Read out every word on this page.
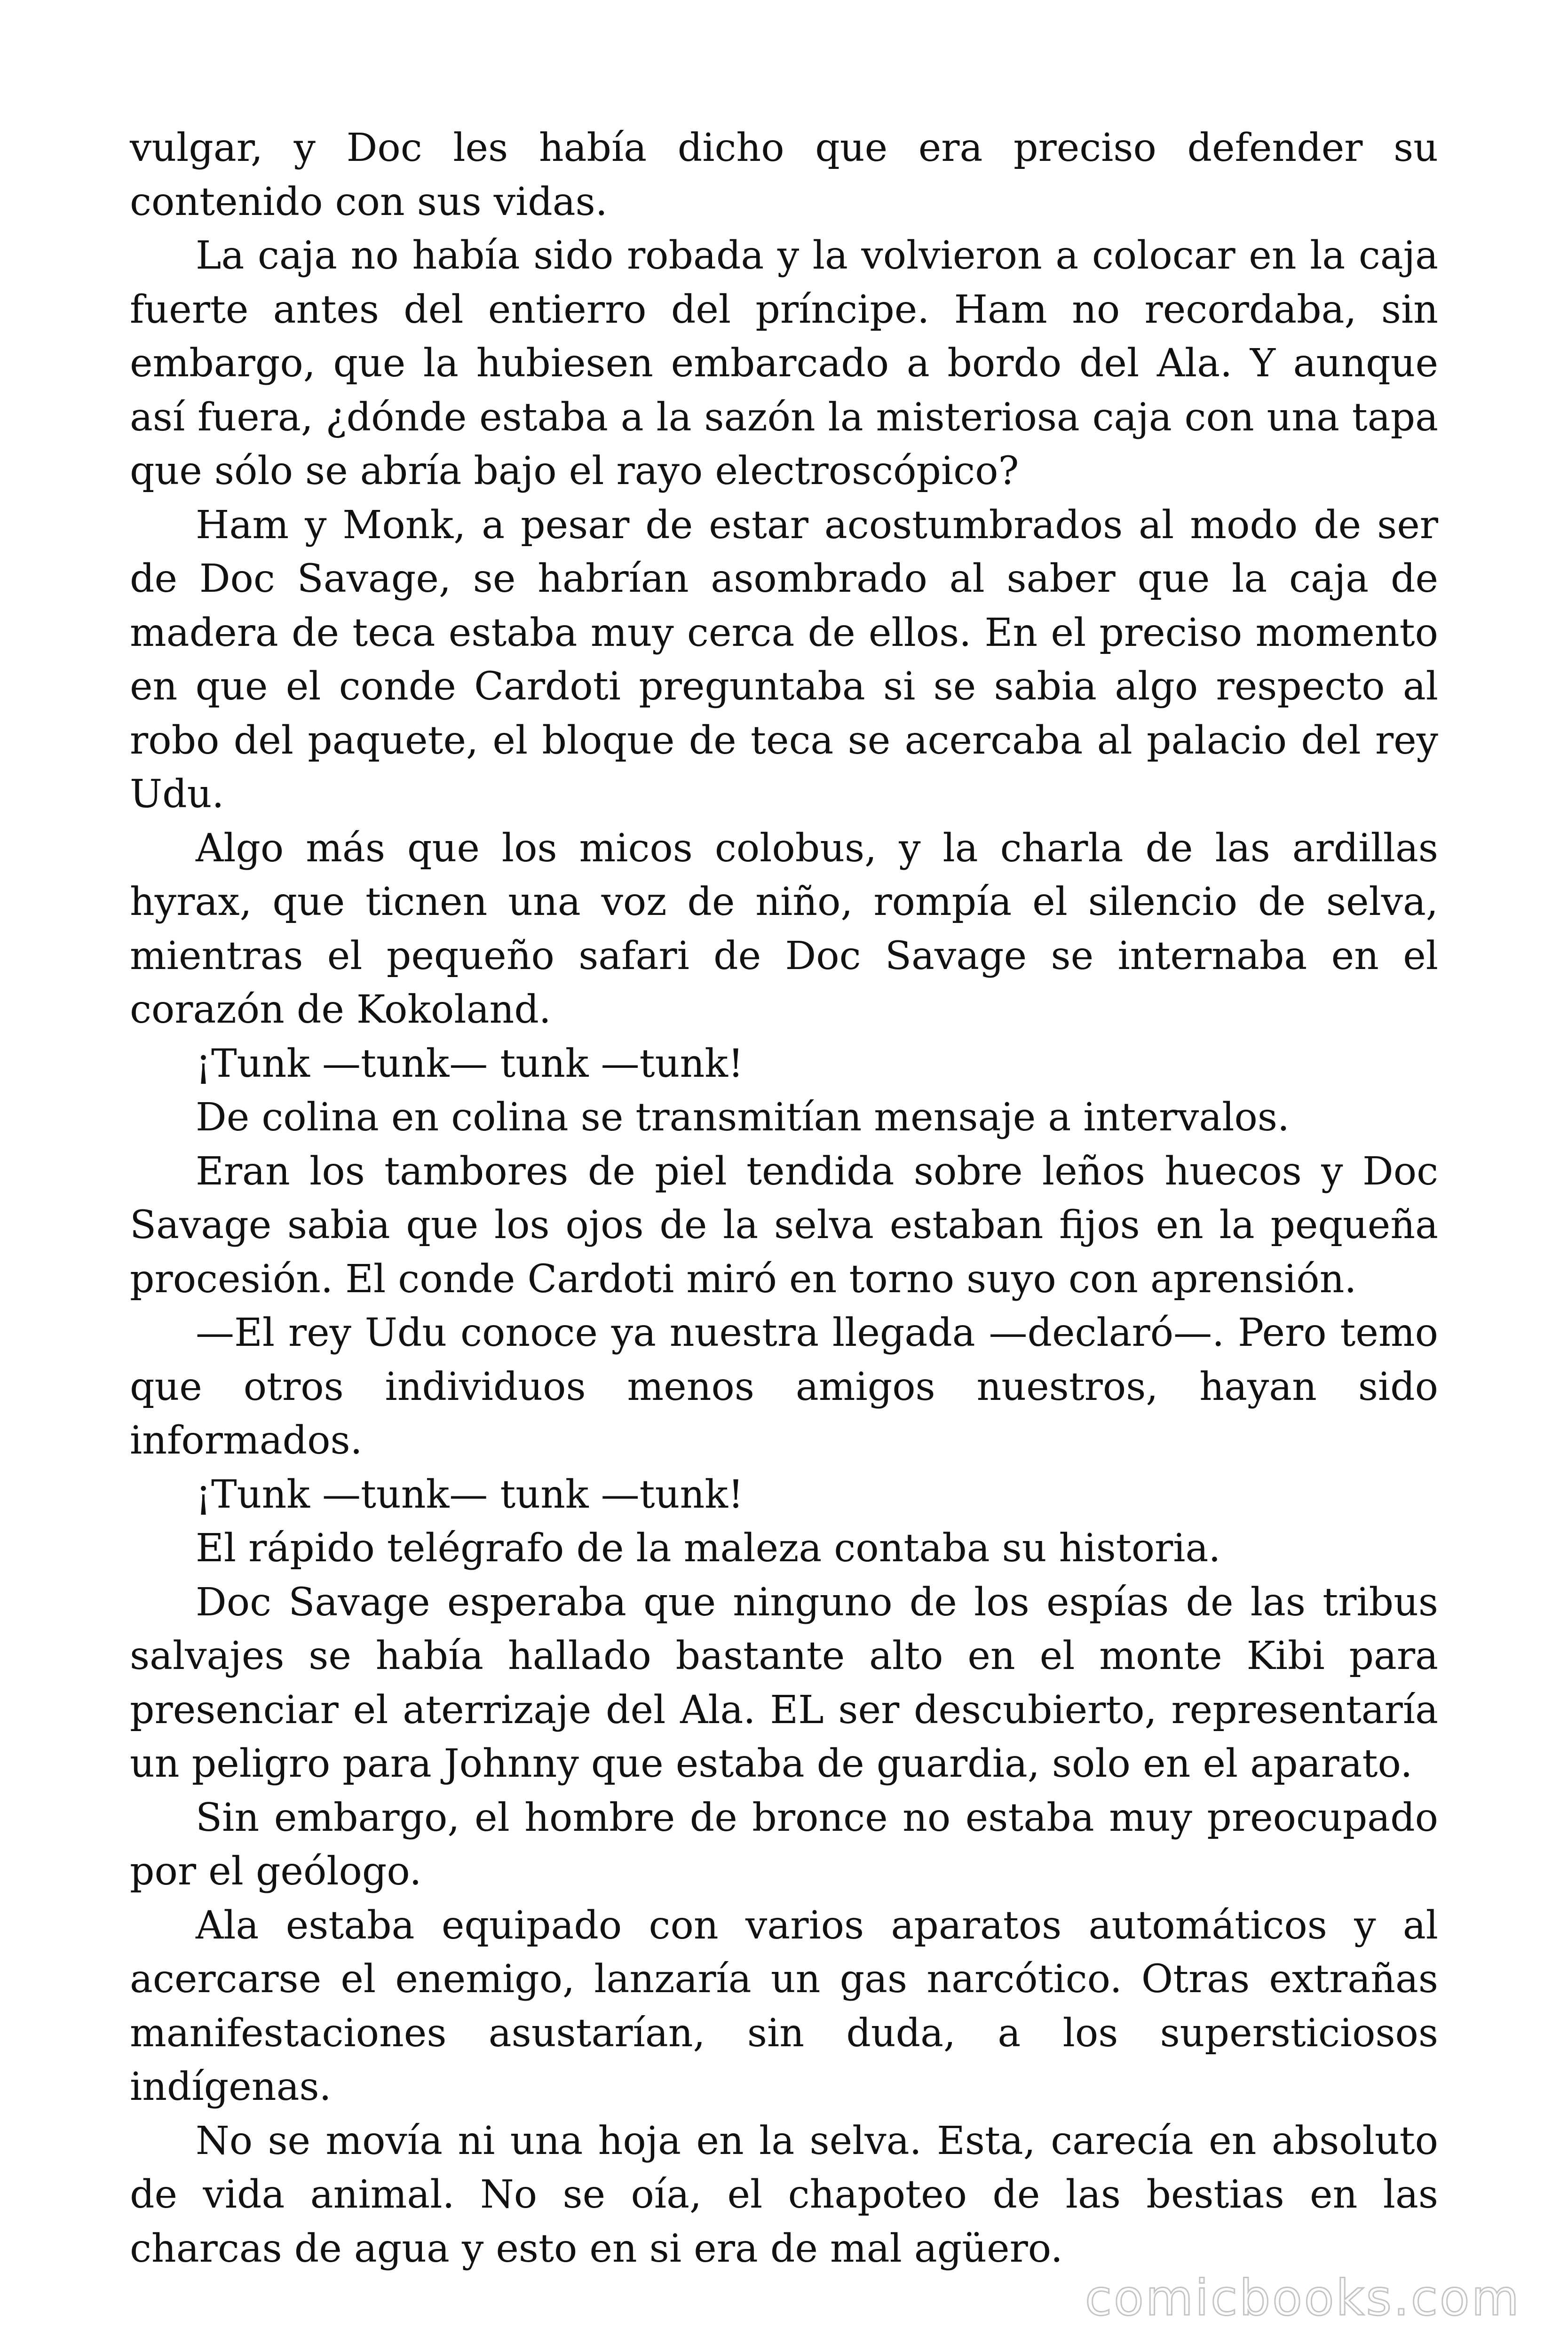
vulgar, y Doc les había dicho que era preciso defender su contenido con sus vidas.

La caja no había sido robada y la volvieron a colocar en la caja fuerte antes del entierro del príncipe. Ham no recordaba, sin embargo, que la hubiesen embarcado a bordo del Ala. Y aunque así fuera, ¿dónde estaba a la sazón la misteriosa caja con una tapa que sólo se abría bajo el rayo electroscópico?

Ham y Monk, a pesar de estar acostumbrados al modo de ser de Doc Savage, se habrían asombrado al saber que la caja de madera de teca estaba muy cerca de ellos. En el preciso momento en que el conde Cardoti preguntaba si se sabia algo respecto al robo del paquete, el bloque de teca se acercaba al palacio del rey Udu.

Algo más que los micos colobus, y la charla de las ardillas hyrax, que ticnen una voz de niño, rompía el silencio de selva, mientras el pequeño safari de Doc Savage se internaba en el corazón de Kokoland.

¡Tunk —tunk— tunk —tunk!

De colina en colina se transmitían mensaje a intervalos.

Eran los tambores de piel tendida sobre leños huecos y Doc Savage sabia que los ojos de la selva estaban fijos en la pequeña procesión. El conde Cardoti miró en torno suyo con aprensión.

—El rey Udu conoce ya nuestra llegada —declaró—. Pero temo que otros individuos menos amigos nuestros, hayan sido informados.

¡Tunk —tunk— tunk —tunk!

El rápido telégrafo de la maleza contaba su historia.

Doc Savage esperaba que ninguno de los espías de las tribus salvajes se había hallado bastante alto en el monte Kibi para presenciar el aterrizaje del Ala. EL ser descubierto, representaría un peligro para Johnny que estaba de guardia, solo en el aparato.

Sin embargo, el hombre de bronce no estaba muy preocupado por el geólogo.

Ala estaba equipado con varios aparatos automáticos y al acercarse el enemigo, lanzaría un gas narcótico. Otras extrañas manifestaciones asustarían, sin duda, a los supersticiosos indígenas.

No se movía ni una hoja en la selva. Esta, carecía en absoluto de vida animal. No se oía, el chapoteo de las bestias en las charcas de agua y esto en si era de mal agüero.

comicbooks.com
